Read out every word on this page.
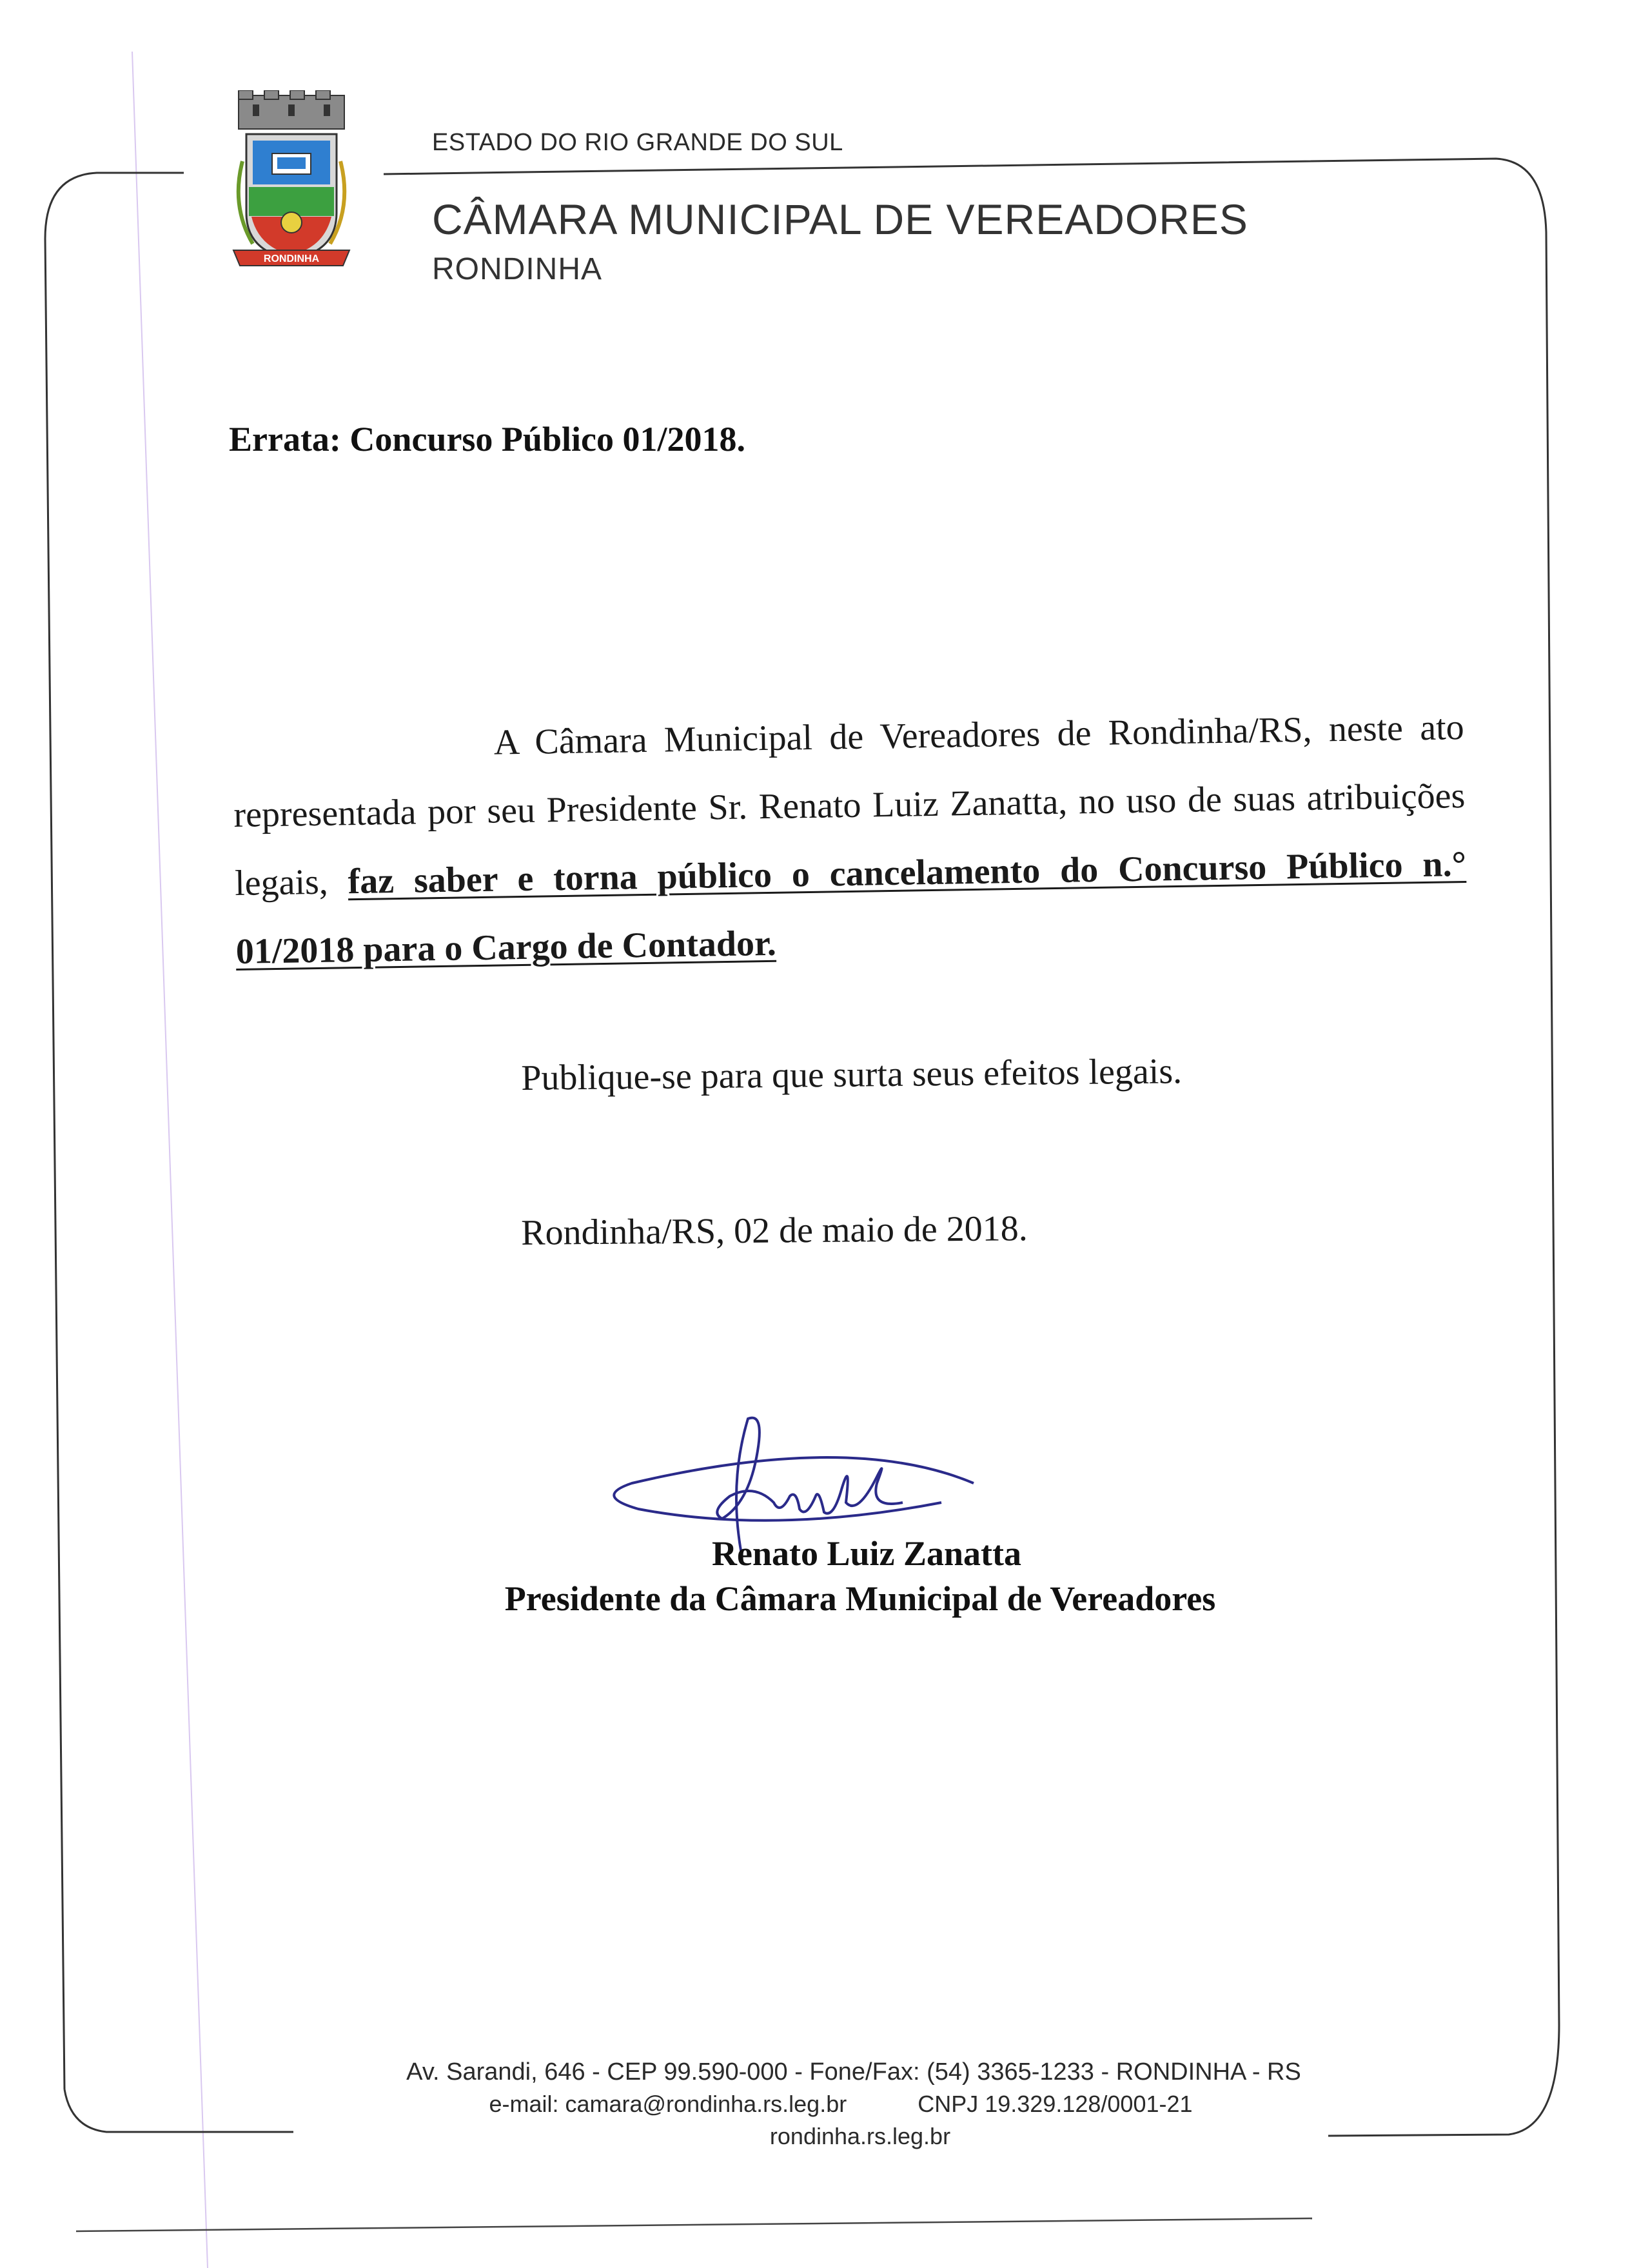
RONDINHA
ESTADO DO RIO GRANDE DO SUL
CÂMARA MUNICIPAL DE VEREADORES
RONDINHA
Errata: Concurso Público 01/2018.
A Câmara Municipal de Vereadores de Rondinha/RS, neste ato representada por seu Presidente Sr. Renato Luiz Zanatta, no uso de suas atribuições legais, faz saber e torna público o cancelamento do Concurso Público n.° 01/2018 para o Cargo de Contador.
Publique-se para que surta seus efeitos legais.
Rondinha/RS, 02 de maio de 2018.
Renato Luiz Zanatta
Presidente da Câmara Municipal de Vereadores
Av. Sarandi, 646 - CEP 99.590-000 - Fone/Fax: (54) 3365-1233 - RONDINHA - RS
e-mail: camara@rondinha.rs.leg.br	CNPJ 19.329.128/0001-21
rondinha.rs.leg.br
